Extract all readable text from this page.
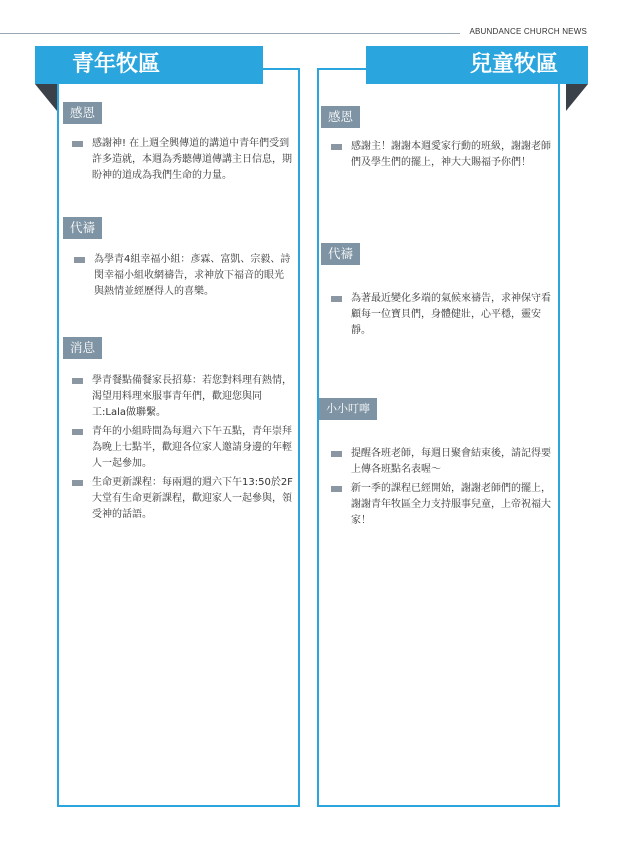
ABUNDANCE CHURCH NEWS
青年牧區	兒童牧區
感恩
感謝神! 在上週全興傳道的講道中青年們受到許多造就，本週為秀聽傳道傳講主日信息，期盼神的道成為我們生命的力量。
代禱
為學青4組幸福小組：彥霖、富凱、宗毅、詩閔幸福小組收網禱告，求神放下福音的眼光與熱情並經歷得人的喜樂。
消息
學青餐點備餐家長招募：若您對料理有熱情，渴望用料理來服事青年們，歡迎您與同工:Lala做聯繫。
青年的小組時間為每週六下午五點，青年崇拜為晚上七點半，歡迎各位家人邀請身邊的年輕人一起參加。
生命更新課程：每兩週的週六下午13:50於2F大堂有生命更新課程，歡迎家人一起參與，領受神的話語。
感恩
感謝主！謝謝本週愛家行動的班級，謝謝老師們及學生們的擺上，神大大賜福予你們！
代禱
為著最近變化多端的氣候來禱告，求神保守看顧每一位寶貝們，身體健壯，心平穩，靈安靜。
小小叮嚀
提醒各班老師，每週日聚會結束後，請記得要上傳各班點名表喔～
新一季的課程已經開始，謝謝老師們的擺上，謝謝青年牧區全力支持服事兒童，上帝祝福大家！
